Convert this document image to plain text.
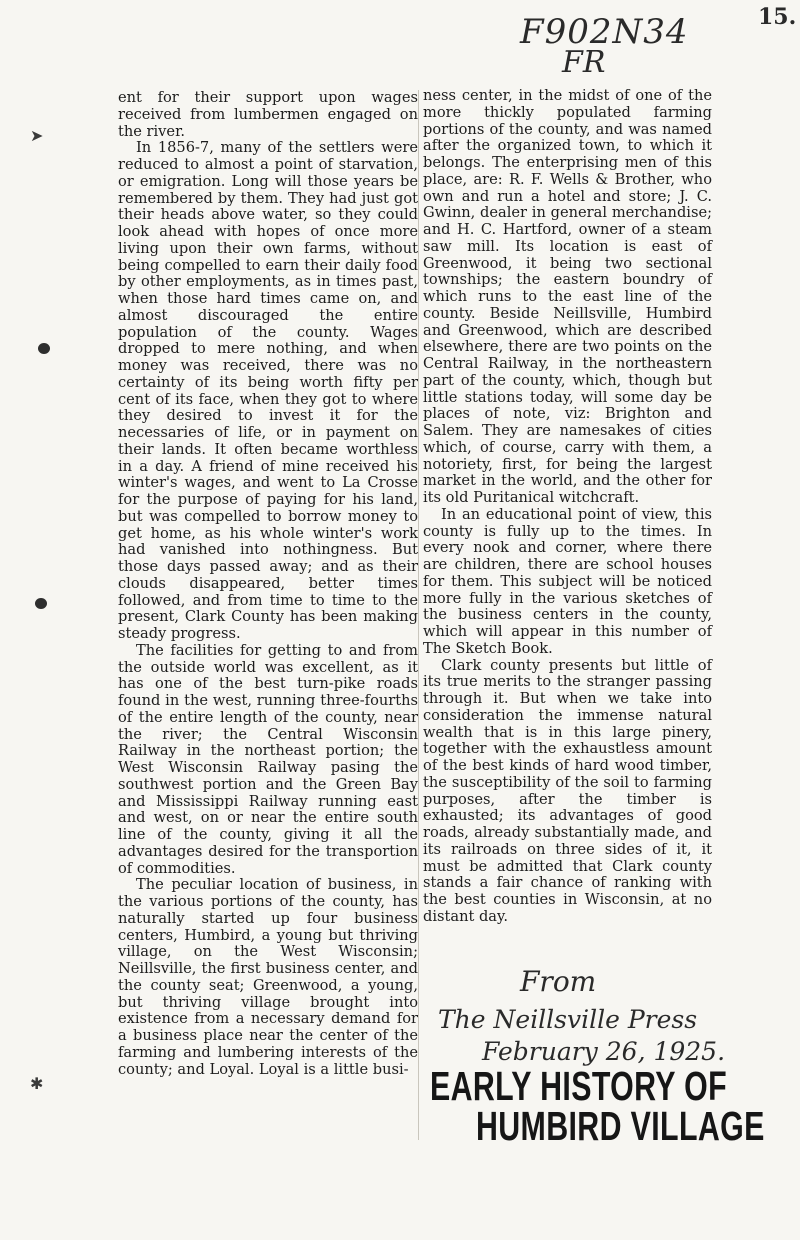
F902N34
FR
15.
➤
✱

ent for their support upon wages received from lumbermen engaged on the river.

In 1856-7, many of the settlers were reduced to almost a point of starvation, or emigration. Long will those years be remembered by them. They had just got their heads above water, so they could look ahead with hopes of once more living upon their own farms, without being compelled to earn their daily food by other employments, as in times past, when those hard times came on, and almost discouraged the entire population of the county. Wages dropped to mere nothing, and when money was received, there was no certainty of its being worth fifty per cent of its face, when they got to where they desired to invest it for the necessaries of life, or in payment on their lands. It often became worthless in a day. A friend of mine received his winter's wages, and went to La Crosse for the purpose of paying for his land, but was compelled to borrow money to get home, as his whole winter's work had vanished into nothingness. But those days passed away; and as their clouds disappeared, better times followed, and from time to time to the present, Clark County has been making steady progress.

The facilities for getting to and from the outside world was excellent, as it has one of the best turn-pike roads found in the west, running three-fourths of the entire length of the county, near the river; the Central Wisconsin Railway in the northeast portion; the West Wisconsin Railway pasing the southwest portion and the Green Bay and Mississippi Railway running east and west, on or near the entire south line of the county, giving it all the advantages desired for the transportion of commodities.

The peculiar location of business, in the various portions of the county, has naturally started up four business centers, Humbird, a young but thriving village, on the West Wisconsin; Neillsville, the first business center, and the county seat; Greenwood, a young, but thriving village brought into existence from a necessary demand for a business place near the center of the farming and lumbering interests of the county; and Loyal. Loyal is a little busi-

ness center, in the midst of one of the more thickly populated farming portions of the county, and was named after the organized town, to which it belongs. The enterprising men of this place, are: R. F. Wells & Brother, who own and run a hotel and store; J. C. Gwinn, dealer in general merchandise; and H. C. Hartford, owner of a steam saw mill. Its location is east of Greenwood, it being two sectional townships; the eastern boundry of which runs to the east line of the county. Beside Neillsville, Humbird and Greenwood, which are described elsewhere, there are two points on the Central Railway, in the northeastern part of the county, which, though but little stations today, will some day be places of note, viz: Brighton and Salem. They are namesakes of cities which, of course, carry with them, a notoriety, first, for being the largest market in the world, and the other for its old Puritanical witchcraft.

In an educational point of view, this county is fully up to the times. In every nook and corner, where there are children, there are school houses for them. This subject will be noticed more fully in the various sketches of the business centers in the county, which will appear in this number of The Sketch Book.

Clark county presents but little of its true merits to the stranger passing through it. But when we take into consideration the immense natural wealth that is in this large pinery, together with the exhaustless amount of the best kinds of hard wood timber, the susceptibility of the soil to farming purposes, after the timber is exhausted; its advantages of good roads, already substantially made, and its railroads on three sides of it, it must be admitted that Clark county stands a fair chance of ranking with the best counties in Wisconsin, at no distant day.

From
The Neillsville Press
February 26, 1925.
EARLY HISTORY OF
HUMBIRD VILLAGE
